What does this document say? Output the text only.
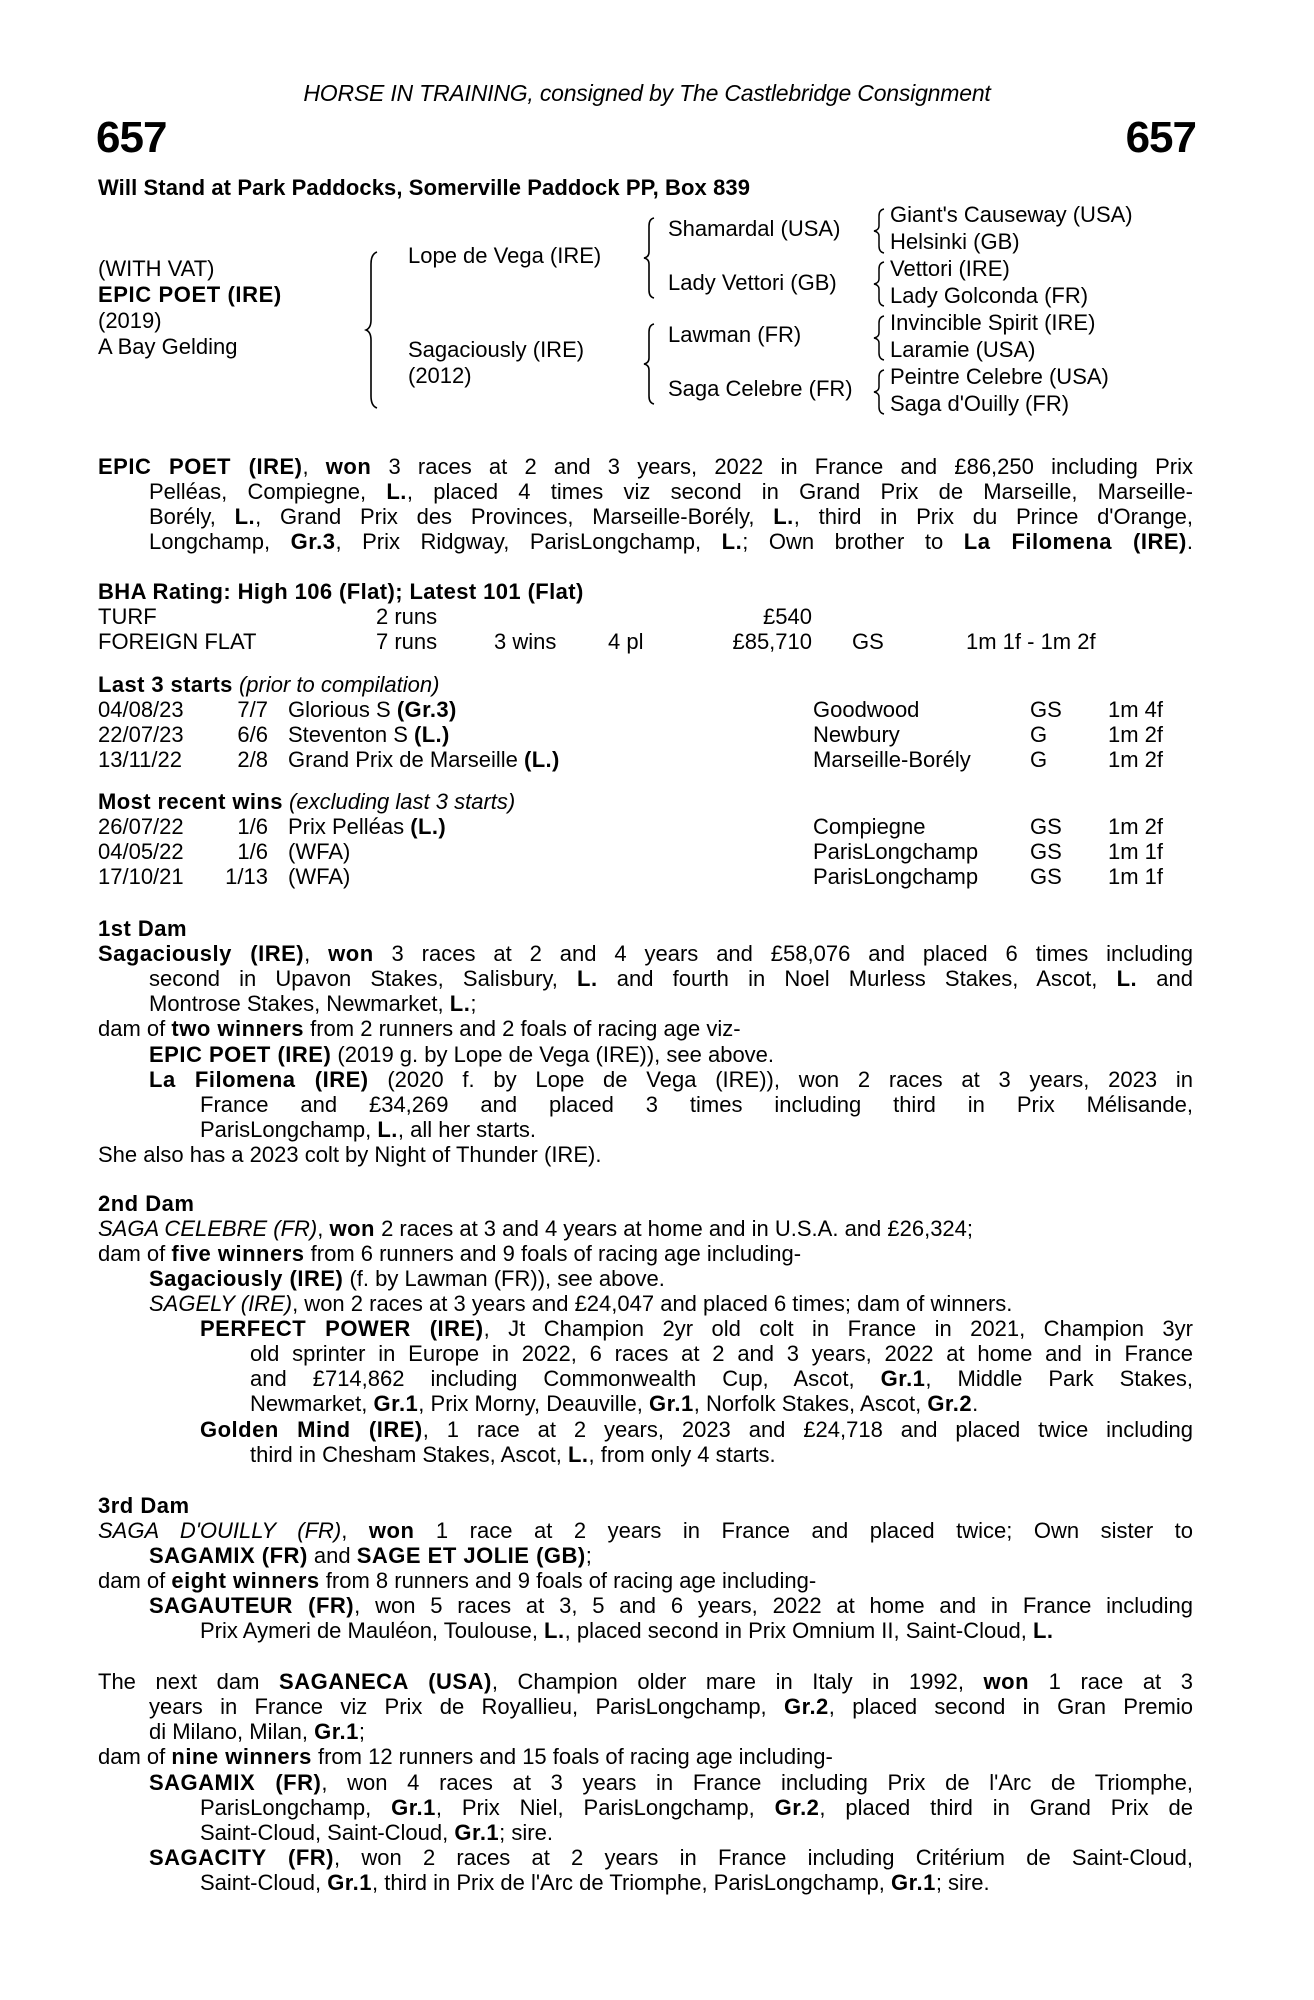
HORSE IN TRAINING, consigned by The Castlebridge Consignment
657	657
Will Stand at Park Paddocks, Somerville Paddock PP, Box 839
(WITH VAT)
EPIC POET (IRE)
(2019)
A Bay Gelding
Lope de Vega (IRE)
Sagaciously (IRE)
(2012)
Shamardal (USA)
Lady Vettori (GB)
Lawman (FR)
Saga Celebre (FR)
Giant's Causeway (USA)
Helsinki (GB)
Vettori (IRE)
Lady Golconda (FR)
Invincible Spirit (IRE)
Laramie (USA)
Peintre Celebre (USA)
Saga d'Ouilly (FR)
BHA Rating: High 106 (Flat); Latest 101 (Flat)
TURF	2 runs	£540
FOREIGN FLAT	7 runs	3 wins 4 pl	£85,710 GS	1m 1f - 1m 2f
Last 3 starts (prior to compilation)
04/08/23	7/7 Glorious S (Gr.3)	Goodwood	GS 1m 4f
22/07/23	6/6 Steventon S (L.)	Newbury	G	1m 2f
13/11/22	2/8 Grand Prix de Marseille (L.)	Marseille-Borély	G	1m 2f
Most recent wins (excluding last 3 starts)
26/07/22	1/6 Prix Pelléas (L.)	Compiegne	GS 1m 2f
04/05/22	1/6 (WFA)	ParisLongchamp GS 1m 1f
17/10/21	1/13 (WFA)	ParisLongchamp GS 1m 1f
EPIC POET (IRE), won 3 races at 2 and 3 years, 2022 in France and £86,250 including Prix
Pelléas, Compiegne, L., placed 4 times viz second in Grand Prix de Marseille, Marseille-
Borély, L., Grand Prix des Provinces, Marseille-Borély, L., third in Prix du Prince d'Orange,
Longchamp, Gr.3, Prix Ridgway, ParisLongchamp, L.; Own brother to La Filomena (IRE).
1st Dam
Sagaciously (IRE), won 3 races at 2 and 4 years and £58,076 and placed 6 times including
second in Upavon Stakes, Salisbury, L. and fourth in Noel Murless Stakes, Ascot, L. and
Montrose Stakes, Newmarket, L.;
dam of two winners from 2 runners and 2 foals of racing age viz-
EPIC POET (IRE) (2019 g. by Lope de Vega (IRE)), see above.
La Filomena (IRE) (2020 f. by Lope de Vega (IRE)), won 2 races at 3 years, 2023 in
France and £34,269 and placed 3 times including third in Prix Mélisande,
ParisLongchamp, L., all her starts.
She also has a 2023 colt by Night of Thunder (IRE).
2nd Dam
SAGA CELEBRE (FR), won 2 races at 3 and 4 years at home and in U.S.A. and £26,324;
dam of five winners from 6 runners and 9 foals of racing age including-
Sagaciously (IRE) (f. by Lawman (FR)), see above.
SAGELY (IRE), won 2 races at 3 years and £24,047 and placed 6 times; dam of winners.
PERFECT POWER (IRE), Jt Champion 2yr old colt in France in 2021, Champion 3yr
old sprinter in Europe in 2022, 6 races at 2 and 3 years, 2022 at home and in France
and £714,862 including Commonwealth Cup, Ascot, Gr.1, Middle Park Stakes,
Newmarket, Gr.1, Prix Morny, Deauville, Gr.1, Norfolk Stakes, Ascot, Gr.2.
Golden Mind (IRE), 1 race at 2 years, 2023 and £24,718 and placed twice including
third in Chesham Stakes, Ascot, L., from only 4 starts.
3rd Dam
SAGA D'OUILLY (FR), won 1 race at 2 years in France and placed twice; Own sister to
SAGAMIX (FR) and SAGE ET JOLIE (GB);
dam of eight winners from 8 runners and 9 foals of racing age including-
SAGAUTEUR (FR), won 5 races at 3, 5 and 6 years, 2022 at home and in France including
Prix Aymeri de Mauléon, Toulouse, L., placed second in Prix Omnium II, Saint-Cloud, L.
The next dam SAGANECA (USA), Champion older mare in Italy in 1992, won 1 race at 3
years in France viz Prix de Royallieu, ParisLongchamp, Gr.2, placed second in Gran Premio
di Milano, Milan, Gr.1;
dam of nine winners from 12 runners and 15 foals of racing age including-
SAGAMIX (FR), won 4 races at 3 years in France including Prix de l'Arc de Triomphe,
ParisLongchamp, Gr.1, Prix Niel, ParisLongchamp, Gr.2, placed third in Grand Prix de
Saint-Cloud, Saint-Cloud, Gr.1; sire.
SAGACITY (FR), won 2 races at 2 years in France including Critérium de Saint-Cloud,
Saint-Cloud, Gr.1, third in Prix de l'Arc de Triomphe, ParisLongchamp, Gr.1; sire.
